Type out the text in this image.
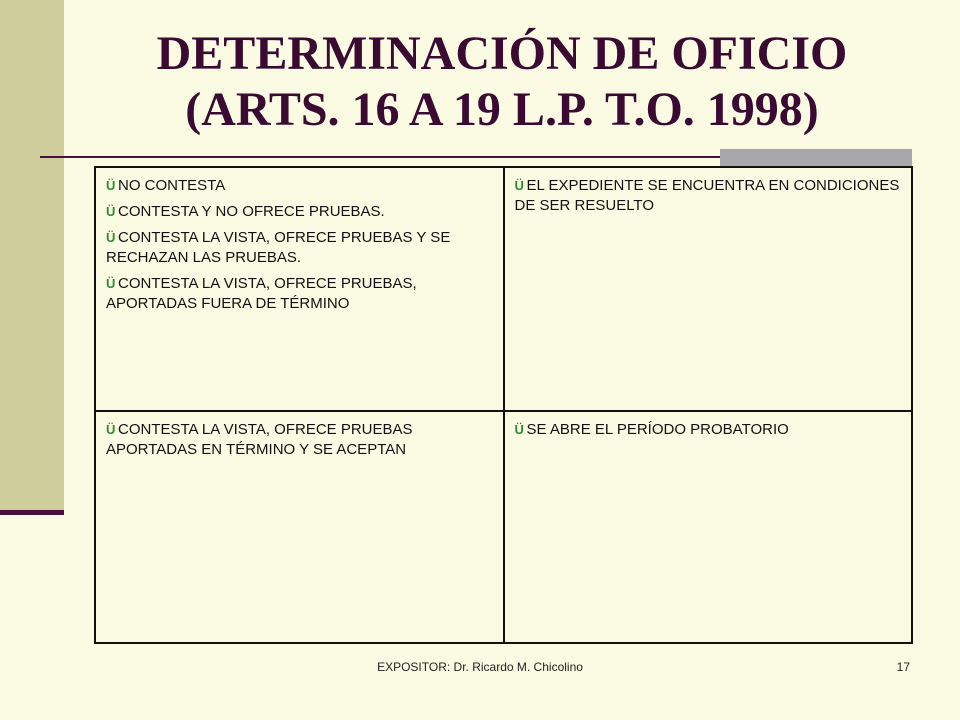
DETERMINACIÓN DE OFICIO
(ARTS. 16 A 19 L.P. T.O. 1998)
Ü NO CONTESTA
Ü CONTESTA Y NO OFRECE PRUEBAS.
Ü CONTESTA LA VISTA, OFRECE PRUEBAS Y SE RECHAZAN LAS PRUEBAS.
Ü CONTESTA LA VISTA, OFRECE PRUEBAS, APORTADAS FUERA DE TÉRMINO	Ü EL EXPEDIENTE SE ENCUENTRA EN CONDICIONES DE SER RESUELTO

Ü CONTESTA LA VISTA, OFRECE PRUEBAS APORTADAS EN TÉRMINO Y SE ACEPTAN	Ü SE ABRE EL PERÍODO PROBATORIO
EXPOSITOR: Dr. Ricardo M. Chicolino	17
